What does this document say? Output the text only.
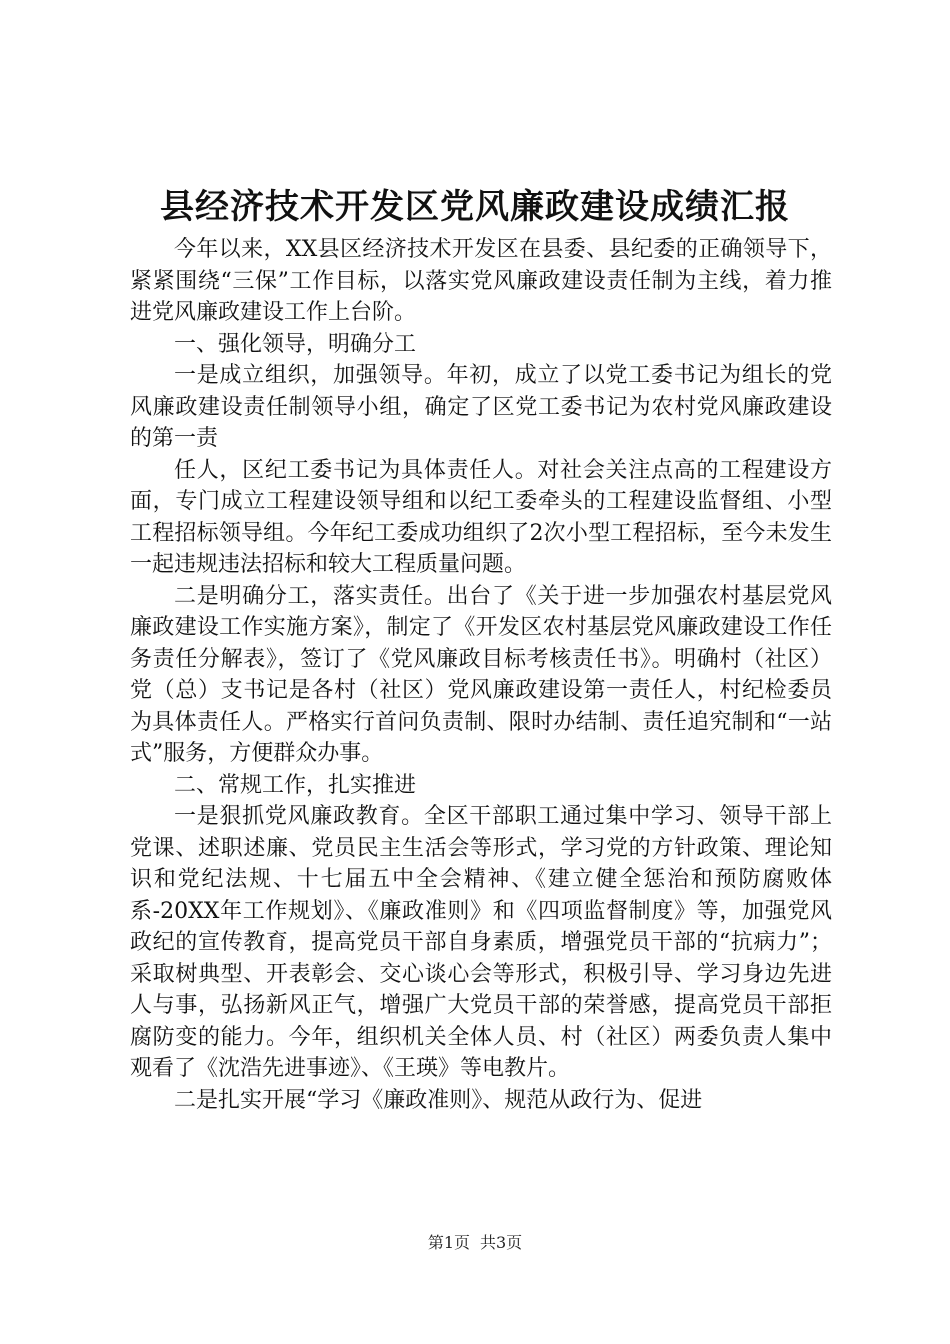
县经济技术开发区党风廉政建设成绩汇报

今年以来，XX县区经济技术开发区在县委、县纪委的正确领导下，紧紧围绕“三保”工作目标，以落实党风廉政建设责任制为主线，着力推进党风廉政建设工作上台阶。

一、强化领导，明确分工

一是成立组织，加强领导。年初，成立了以党工委书记为组长的党风廉政建设责任制领导小组，确定了区党工委书记为农村党风廉政建设的第一责

任人，区纪工委书记为具体责任人。对社会关注点高的工程建设方面，专门成立工程建设领导组和以纪工委牵头的工程建设监督组、小型工程招标领导组。今年纪工委成功组织了2次小型工程招标，至今未发生一起违规违法招标和较大工程质量问题。

二是明确分工，落实责任。出台了《关于进一步加强农村基层党风廉政建设工作实施方案》，制定了《开发区农村基层党风廉政建设工作任务责任分解表》，签订了《党风廉政目标考核责任书》。明确村（社区）党（总）支书记是各村（社区）党风廉政建设第一责任人，村纪检委员为具体责任人。严格实行首问负责制、限时办结制、责任追究制和“一站式”服务，方便群众办事。

二、常规工作，扎实推进

一是狠抓党风廉政教育。全区干部职工通过集中学习、领导干部上党课、述职述廉、党员民主生活会等形式，学习党的方针政策、理论知识和党纪法规、十七届五中全会精神、《建立健全惩治和预防腐败体系-20XX年工作规划》、《廉政准则》和《四项监督制度》等，加强党风政纪的宣传教育，提高党员干部自身素质，增强党员干部的“抗病力”；采取树典型、开表彰会、交心谈心会等形式，积极引导、学习身边先进人与事，弘扬新风正气，增强广大党员干部的荣誉感，提高党员干部拒腐防变的能力。今年，组织机关全体人员、村（社区）两委负责人集中观看了《沈浩先进事迹》、《王瑛》等电教片。

二是扎实开展“学习《廉政准则》、规范从政行为、促进

第1页 共3页
